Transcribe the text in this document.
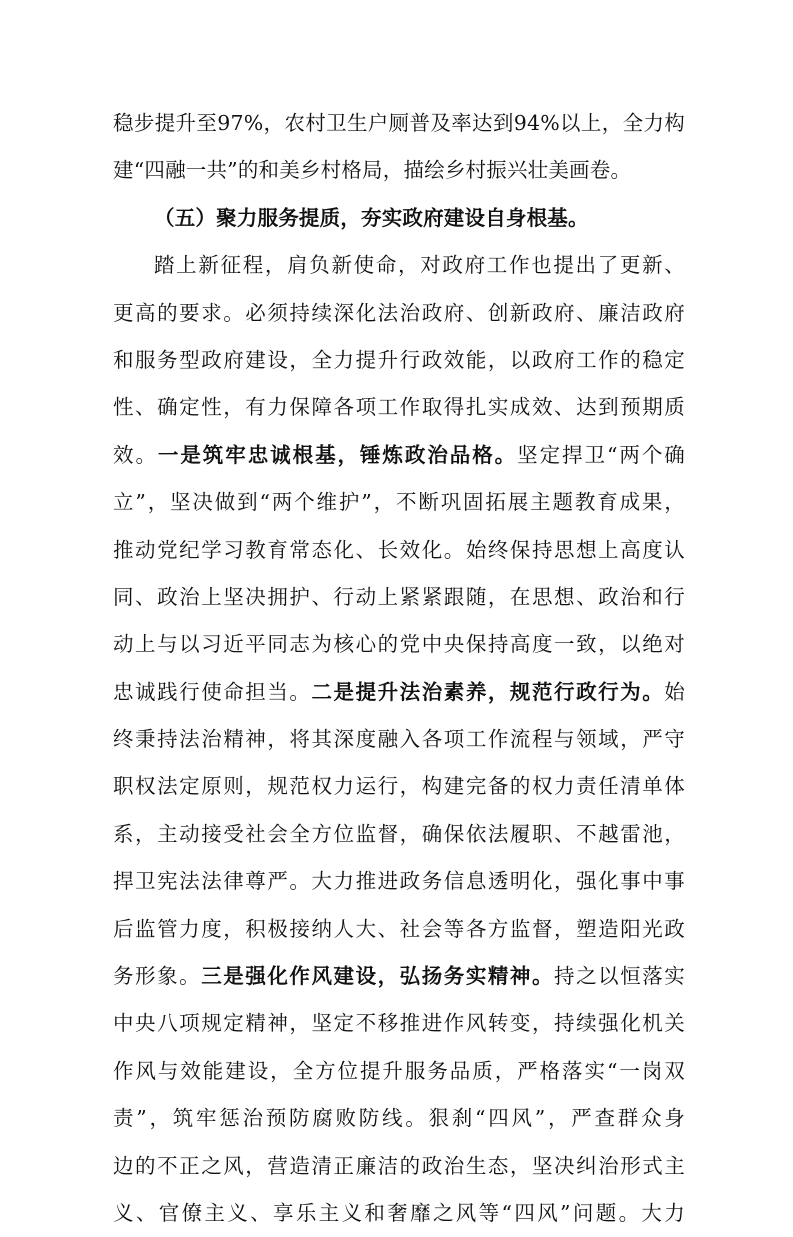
稳步提升至97%，农村卫生户厕普及率达到94%以上，全力构
建“四融一共”的和美乡村格局，描绘乡村振兴壮美画卷。
（五）聚力服务提质，夯实政府建设自身根基。
踏上新征程，肩负新使命，对政府工作也提出了更新、
更高的要求。必须持续深化法治政府、创新政府、廉洁政府
和服务型政府建设，全力提升行政效能，以政府工作的稳定
性、确定性，有力保障各项工作取得扎实成效、达到预期质
效。一是筑牢忠诚根基，锤炼政治品格。坚定捍卫“两个确
立”，坚决做到“两个维护”，不断巩固拓展主题教育成果，
推动党纪学习教育常态化、长效化。始终保持思想上高度认
同、政治上坚决拥护、行动上紧紧跟随，在思想、政治和行
动上与以习近平同志为核心的党中央保持高度一致，以绝对
忠诚践行使命担当。二是提升法治素养，规范行政行为。始
终秉持法治精神，将其深度融入各项工作流程与领域，严守
职权法定原则，规范权力运行，构建完备的权力责任清单体
系，主动接受社会全方位监督，确保依法履职、不越雷池，
捍卫宪法法律尊严。大力推进政务信息透明化，强化事中事
后监管力度，积极接纳人大、社会等各方监督，塑造阳光政
务形象。三是强化作风建设，弘扬务实精神。持之以恒落实
中央八项规定精神，坚定不移推进作风转变，持续强化机关
作风与效能建设，全方位提升服务品质，严格落实“一岗双
责”，筑牢惩治预防腐败防线。狠刹“四风”，严查群众身
边的不正之风，营造清正廉洁的政治生态，坚决纠治形式主
义、官僚主义、享乐主义和奢靡之风等“四风”问题。大力
